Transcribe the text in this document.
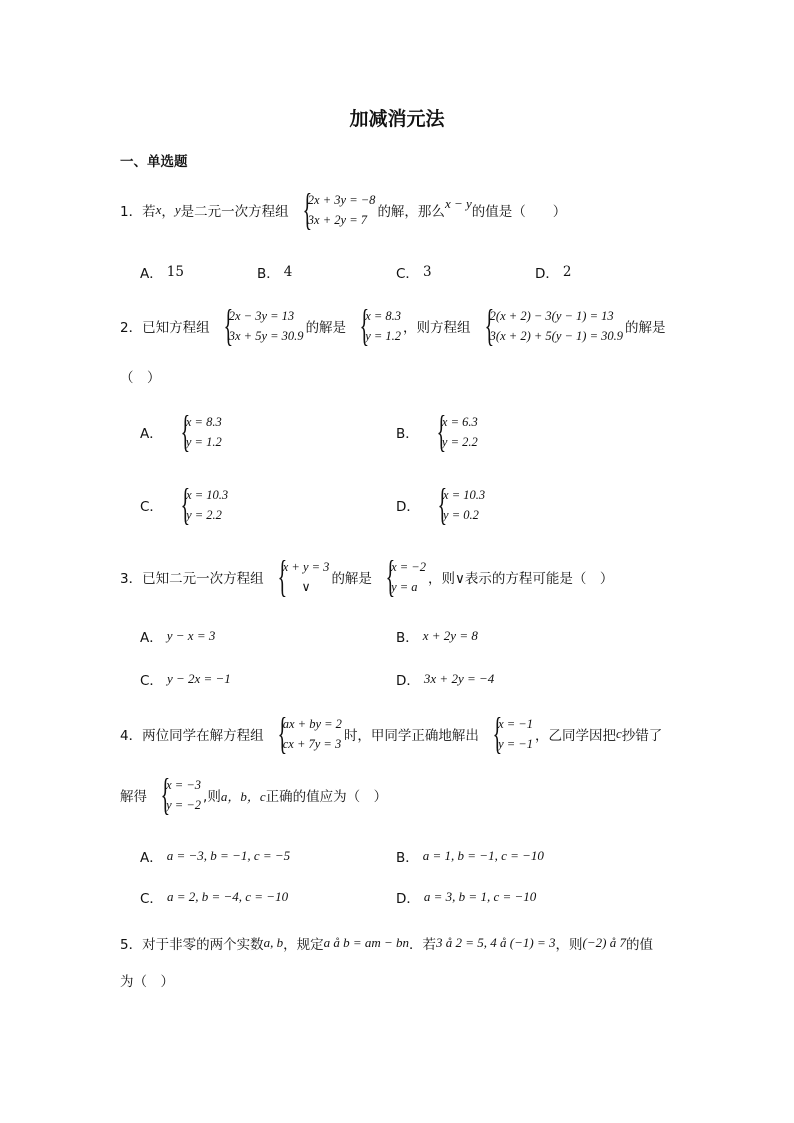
加减消元法
一、单选题
1．若 x ， y 是二元一次方程组 {
2x + 3y = −8
3x + 2y = 7 的解，那么
x − y
的值是（　　）
A． 15	B． 4	C． 3	D． 2
2．已知方程组 {
2x − 3y = 13
3x + 5y = 30.9 的解是 {
x = 8.3
y = 1.2 ，则方程组 {
2(x + 2) − 3(y − 1) = 13
3(x + 2) + 5(y − 1) = 30.9 的解是
（　）
A． {
x = 8.3
y = 1.2	B． {
x = 6.3
y = 2.2
C． {
x = 10.3
y = 2.2	D． {
x = 10.3
y = 0.2
3．已知二元一次方程组 {
x + y = 3
∨	的解是 {
x = −2
y = a ，则∨表示的方程可能是（　）
A． y − x = 3	B． x + 2y = 8
C． y − 2x = −1	D． 3x + 2y = −4
4．两位同学在解方程组 {
ax + by = 2
cx + 7y = 3 时，甲同学正确地解出 {
x = −1
y = −1 ，乙同学因把 c 抄错了
解得 {
x = −3
y = −2 ,则 a，b，c 正确的值应为（　）
A． a = −3, b = −1, c = −5	B． a = 1, b = −1, c = −10
C． a = 2, b = −4, c = −10	D． a = 3, b = 1, c = −10
5．对于非零的两个实数 a, b ，规定 a å b = am − bn ．若 3 å 2 = 5, 4 å (−1) = 3 ，则 (−2) å 7 的值
为（　）
